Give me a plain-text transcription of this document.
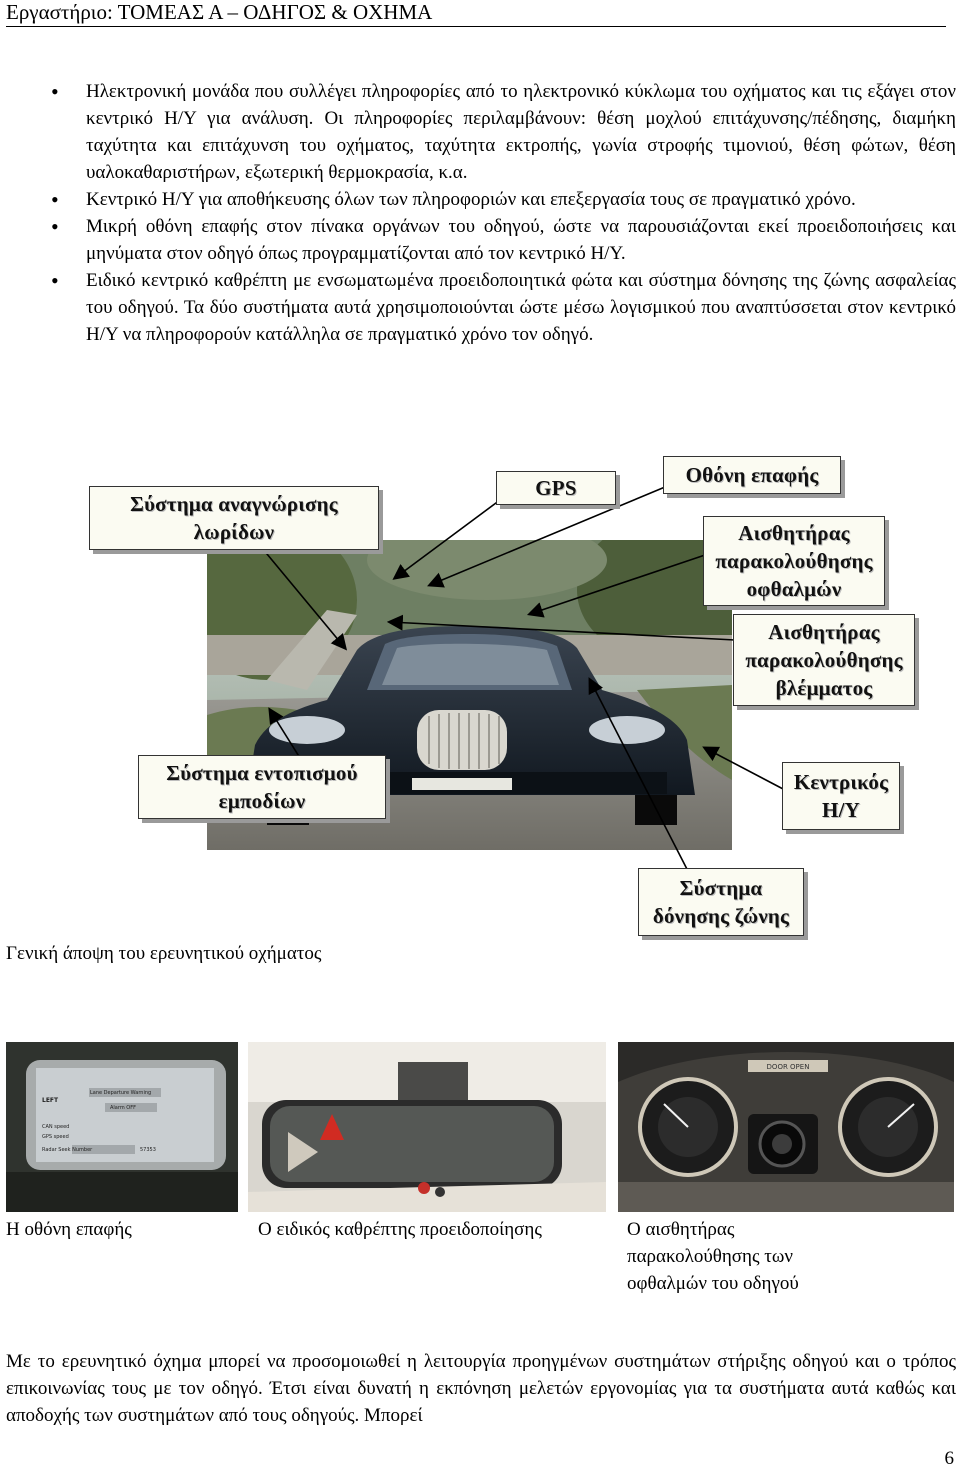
Εργαστήριο: ΤΟΜΕΑΣ Α – ΟΔΗΓΟΣ & ΟΧΗΜΑ
• Ηλεκτρονική μονάδα που συλλέγει πληροφορίες από το ηλεκτρονικό κύκλωμα του οχήματος και τις εξάγει στον κεντρικό Η/Υ για ανάλυση. Οι πληροφορίες περιλαμβάνουν: θέση μοχλού επιτάχυνσης/πέδησης, διαμήκη ταχύτητα και επιτάχυνση του οχήματος, ταχύτητα εκτροπής, γωνία στροφής τιμονιού, θέση φώτων, θέση υαλοκαθαριστήρων, εξωτερική θερμοκρασία, κ.α.
• Κεντρικό Η/Υ για αποθήκευσης όλων των πληροφοριών και επεξεργασία τους σε πραγματικό χρόνο.
• Μικρή οθόνη επαφής στον πίνακα οργάνων του οδηγού, ώστε να παρουσιάζονται εκεί προειδοποιήσεις και μηνύματα στον οδηγό όπως προγραμματίζονται από τον κεντρικό Η/Υ.
• Ειδικό κεντρικό καθρέπτη με ενσωματωμένα προειδοποιητικά φώτα και σύστημα δόνησης της ζώνης ασφαλείας του οδηγού. Τα δύο συστήματα αυτά χρησιμοποιούνται ώστε μέσω λογισμικού που αναπτύσσεται στον κεντρικό Η/Υ να πληροφορούν κατάλληλα σε πραγματικό χρόνο τον οδηγό.
Σύστημα αναγνώρισης λωρίδων
GPS
Οθόνη επαφής
Αισθητήρας παρακολούθησης οφθαλμών
Αισθητήρας παρακολούθησης βλέμματος
Σύστημα εντοπισμού εμποδίων
Κεντρικός Η/Υ
Σύστημα δόνησης ζώνης
Γενική άποψη του ερευνητικού οχήματος
LEFT
Lane Departure Warning
Alarm OFF
CAN speed
GPS speed
Radar Seek Number	57353
DOOR OPEN
Η οθόνη επαφής	Ο ειδικός καθρέπτης προειδοποίησης	Ο αισθητήρας παρακολούθησης των οφθαλμών του οδηγού
Με το ερευνητικό όχημα μπορεί να προσομοιωθεί η λειτουργία προηγμένων συστημάτων στήριξης οδηγού και ο τρόπος επικοινωνίας τους με τον οδηγό. Έτσι είναι δυνατή η εκπόνηση μελετών εργονομίας για τα συστήματα αυτά καθώς και αποδοχής των συστημάτων από τους οδηγούς. Μπορεί
6
